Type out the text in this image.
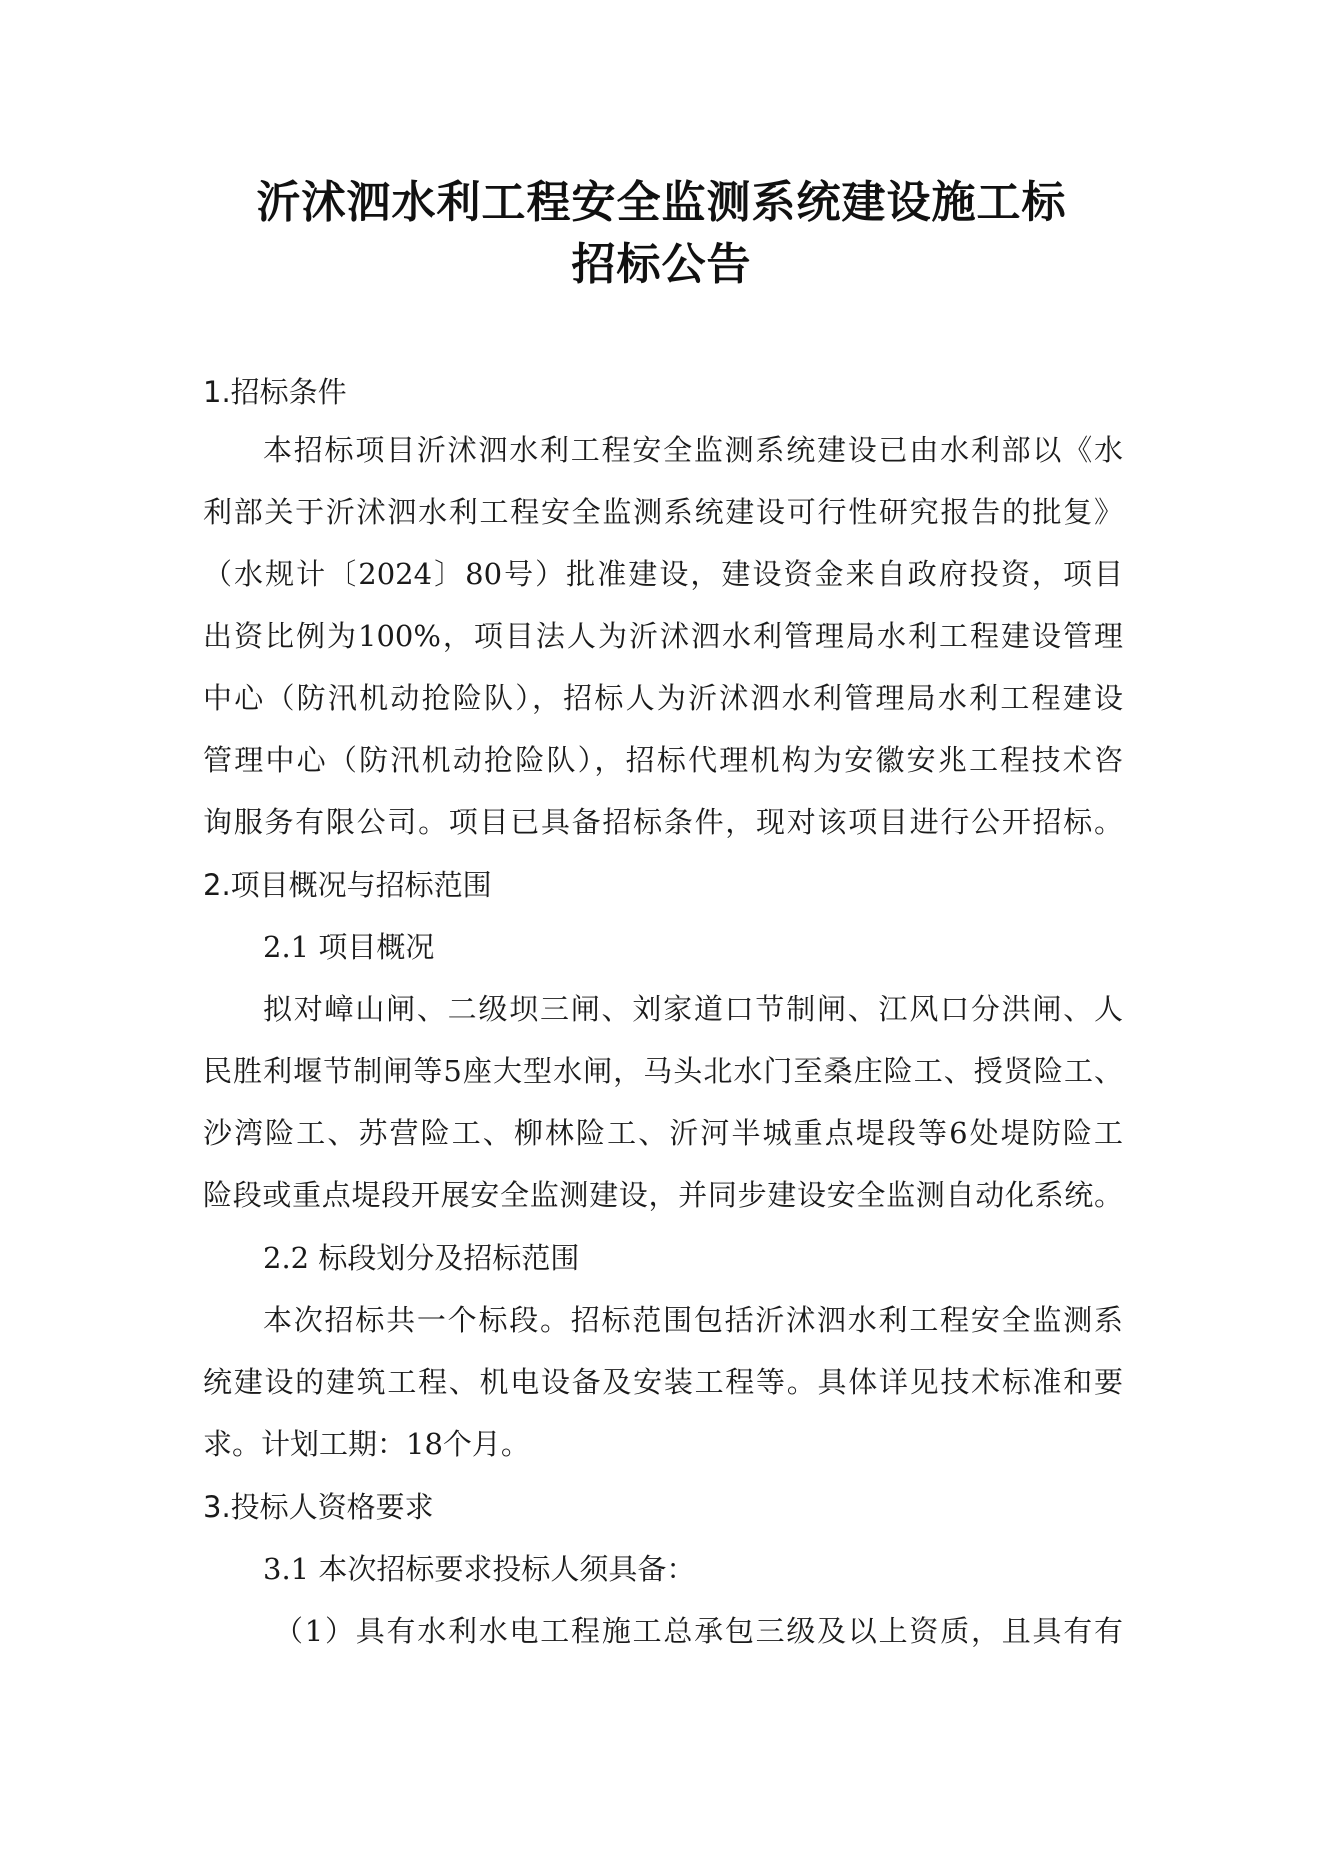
沂沭泗水利工程安全监测系统建设施工标
招标公告
1.招标条件
本招标项目沂沭泗水利工程安全监测系统建设已由水利部以《水
利部关于沂沭泗水利工程安全监测系统建设可行性研究报告的批复》
（水规计〔2024〕80号）批准建设，建设资金来自政府投资，项目
出资比例为100%，项目法人为沂沭泗水利管理局水利工程建设管理
中心（防汛机动抢险队），招标人为沂沭泗水利管理局水利工程建设
管理中心（防汛机动抢险队），招标代理机构为安徽安兆工程技术咨
询服务有限公司。项目已具备招标条件，现对该项目进行公开招标。
2.项目概况与招标范围
2.1 项目概况
拟对嶂山闸、二级坝三闸、刘家道口节制闸、江风口分洪闸、人
民胜利堰节制闸等5座大型水闸，马头北水门至桑庄险工、授贤险工、
沙湾险工、苏营险工、柳林险工、沂河半城重点堤段等6处堤防险工
险段或重点堤段开展安全监测建设，并同步建设安全监测自动化系统。
2.2 标段划分及招标范围
本次招标共一个标段。招标范围包括沂沭泗水利工程安全监测系
统建设的建筑工程、机电设备及安装工程等。具体详见技术标准和要
求。计划工期：18个月。
3.投标人资格要求
3.1 本次招标要求投标人须具备：
（1）具有水利水电工程施工总承包三级及以上资质，且具有有
